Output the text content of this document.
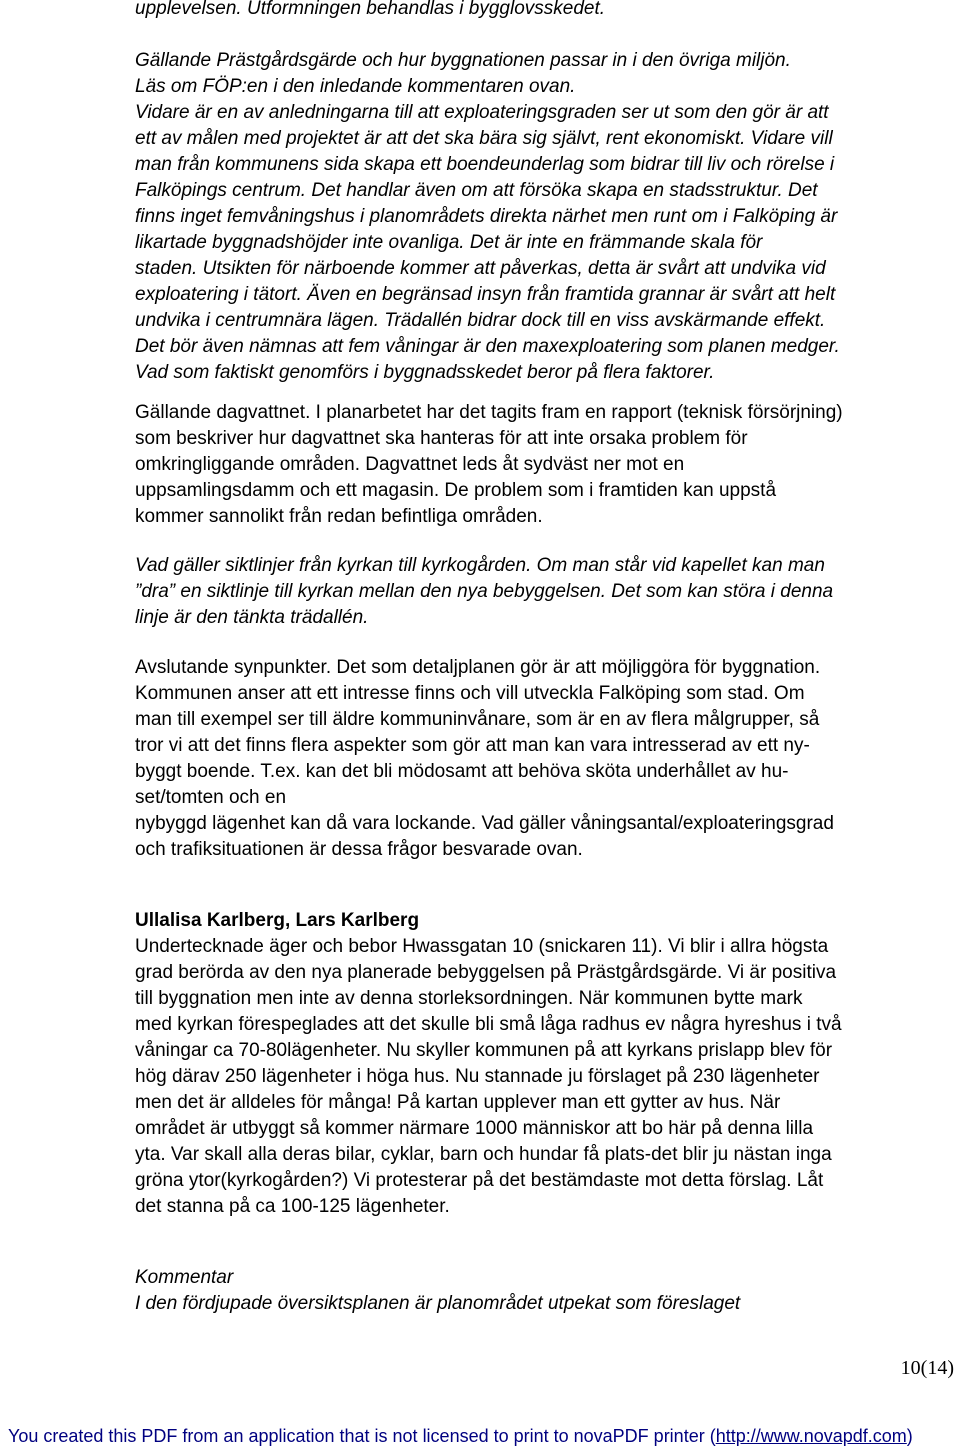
upplevelsen. Utformningen behandlas i bygglovsskedet.
Gällande Prästgårdsgärde och hur byggnationen passar in i den övriga miljön.
Läs om FÖP:en i den inledande kommentaren ovan.
Vidare är en av anledningarna till att exploateringsgraden ser ut som den gör är att
ett av målen med projektet är att det ska bära sig självt, rent ekonomiskt. Vidare vill
man från kommunens sida skapa ett boendeunderlag som bidrar till liv och rörelse i
Falköpings centrum. Det handlar även om att försöka skapa en stadsstruktur. Det
finns inget femvåningshus i planområdets direkta närhet men runt om i Falköping är
likartade byggnadshöjder inte ovanliga. Det är inte en främmande skala för
staden. Utsikten för närboende kommer att påverkas, detta är svårt att undvika vid
exploatering i tätort. Även en begränsad insyn från framtida grannar är svårt att helt
undvika i centrumnära lägen. Trädallén bidrar dock till en viss avskärmande effekt.
Det bör även nämnas att fem våningar är den maxexploatering som planen medger.
Vad som faktiskt genomförs i byggnadsskedet beror på flera faktorer.
Gällande dagvattnet. I planarbetet har det tagits fram en rapport (teknisk försörjning)
som beskriver hur dagvattnet ska hanteras för att inte orsaka problem för
omkringliggande områden. Dagvattnet leds åt sydväst ner mot en
uppsamlingsdamm och ett magasin. De problem som i framtiden kan uppstå
kommer sannolikt från redan befintliga områden.
Vad gäller siktlinjer från kyrkan till kyrkogården. Om man står vid kapellet kan man
”dra” en siktlinje till kyrkan mellan den nya bebyggelsen. Det som kan störa i denna
linje är den tänkta trädallén.
Avslutande synpunkter. Det som detaljplanen gör är att möjliggöra för byggnation.
Kommunen anser att ett intresse finns och vill utveckla Falköping som stad. Om
man till exempel ser till äldre kommuninvånare, som är en av flera målgrupper, så
tror vi att det finns flera aspekter som gör att man kan vara intresserad av ett ny-
byggt boende. T.ex. kan det bli mödosamt att behöva sköta underhållet av hu-
set/tomten och en
nybyggd lägenhet kan då vara lockande. Vad gäller våningsantal/exploateringsgrad
och trafiksituationen är dessa frågor besvarade ovan.
Ullalisa Karlberg, Lars Karlberg
Undertecknade äger och bebor Hwassgatan 10 (snickaren 11). Vi blir i allra högsta
grad berörda av den nya planerade bebyggelsen på Prästgårdsgärde. Vi är positiva
till byggnation men inte av denna storleksordningen. När kommunen bytte mark
med kyrkan förespeglades att det skulle bli små låga radhus ev några hyreshus i två
våningar ca 70-80lägenheter. Nu skyller kommunen på att kyrkans prislapp blev för
hög därav 250 lägenheter i höga hus. Nu stannade ju förslaget på 230 lägenheter
men det är alldeles för många! På kartan upplever man ett gytter av hus. När
området är utbyggt så kommer närmare 1000 människor att bo här på denna lilla
yta. Var skall alla deras bilar, cyklar, barn och hundar få plats-det blir ju nästan inga
gröna ytor(kyrkogården?) Vi protesterar på det bestämdaste mot detta förslag. Låt
det stanna på ca 100-125 lägenheter.
Kommentar
I den fördjupade översiktsplanen är planområdet utpekat som föreslaget
10(14)
You created this PDF from an application that is not licensed to print to novaPDF printer (http://www.novapdf.com)
